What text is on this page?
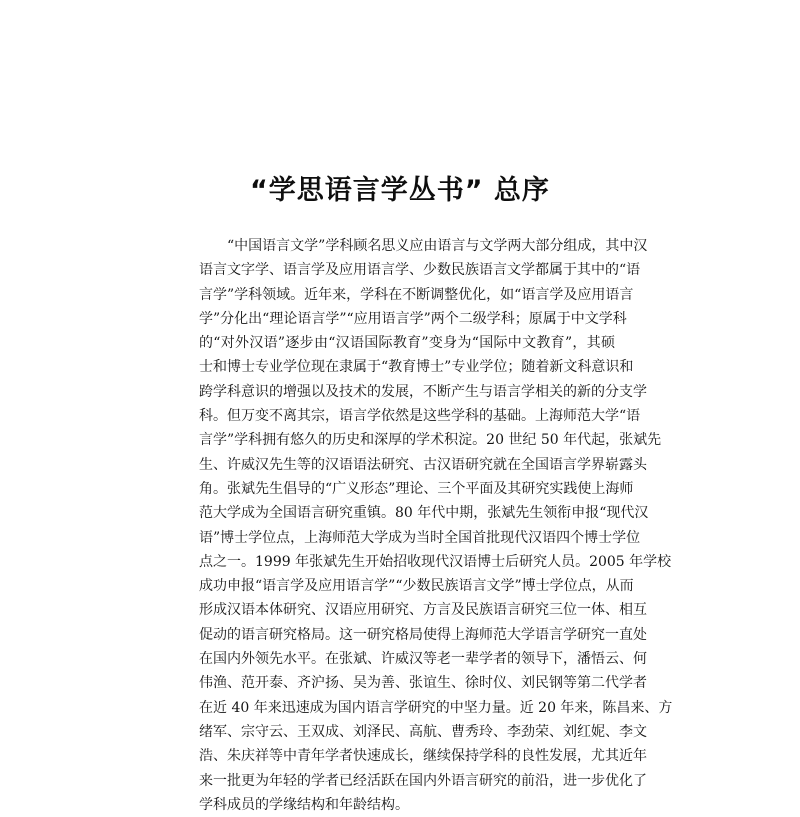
“学思语言学丛书” 总序
“中国语言文学”学科顾名思义应由语言与文学两大部分组成，其中汉
语言文字学、语言学及应用语言学、少数民族语言文学都属于其中的“语
言学”学科领域。近年来，学科在不断调整优化，如“语言学及应用语言
学”分化出“理论语言学”“应用语言学”两个二级学科；原属于中文学科
的“对外汉语”逐步由“汉语国际教育”变身为“国际中文教育”，其硕
士和博士专业学位现在隶属于“教育博士”专业学位；随着新文科意识和
跨学科意识的增强以及技术的发展，不断产生与语言学相关的新的分支学
科。但万变不离其宗，语言学依然是这些学科的基础。上海师范大学“语
言学”学科拥有悠久的历史和深厚的学术积淀。20 世纪 50 年代起，张斌先
生、许威汉先生等的汉语语法研究、古汉语研究就在全国语言学界崭露头
角。张斌先生倡导的“广义形态”理论、三个平面及其研究实践使上海师
范大学成为全国语言研究重镇。80 年代中期，张斌先生领衔申报“现代汉
语”博士学位点，上海师范大学成为当时全国首批现代汉语四个博士学位
点之一。1999 年张斌先生开始招收现代汉语博士后研究人员。2005 年学校
成功申报“语言学及应用语言学”“少数民族语言文学”博士学位点，从而
形成汉语本体研究、汉语应用研究、方言及民族语言研究三位一体、相互
促动的语言研究格局。这一研究格局使得上海师范大学语言学研究一直处
在国内外领先水平。在张斌、许威汉等老一辈学者的领导下，潘悟云、何
伟渔、范开泰、齐沪扬、吴为善、张谊生、徐时仪、刘民钢等第二代学者
在近 40 年来迅速成为国内语言学研究的中坚力量。近 20 年来，陈昌来、方
绪军、宗守云、王双成、刘泽民、高航、曹秀玲、李劲荣、刘红妮、李文
浩、朱庆祥等中青年学者快速成长，继续保持学科的良性发展，尤其近年
来一批更为年轻的学者已经活跃在国内外语言研究的前沿，进一步优化了
学科成员的学缘结构和年龄结构。
